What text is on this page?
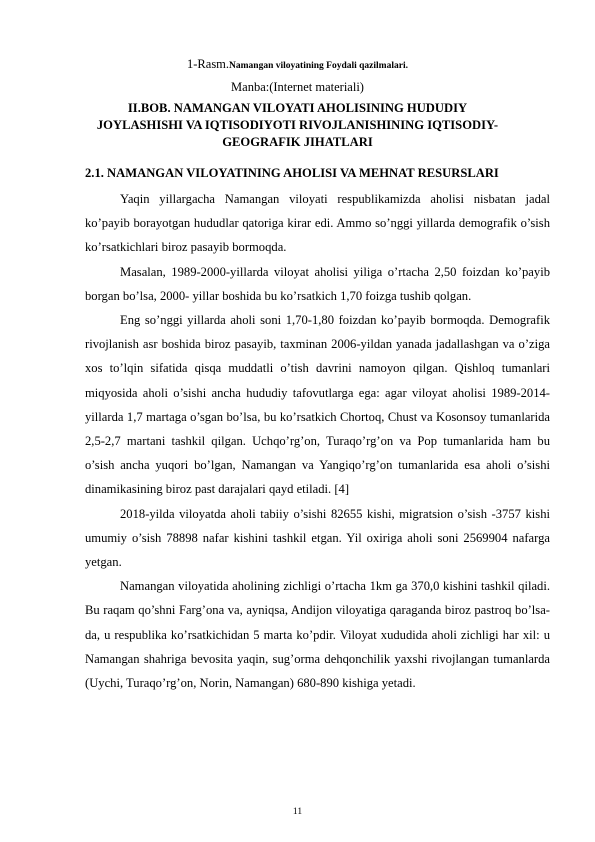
1-Rasm.Namangan viloyatining Foydali qazilmalari.
Manba:(Internet materiali)
II.BOB. NAMANGAN VILOYATI AHOLISINING HUDUDIY JOYLASHISHI VA IQTISODIYOTI RIVOJLANISHINING IQTISODIY-GEOGRAFIK JIHATLARI
2.1. NAMANGAN VILOYATINING AHOLISI VA MEHNAT RESURSLARI

Yaqin yillargacha Namangan viloyati respublikamizda aholisi nisbatan jadal ko’payib borayotgan hududlar qatoriga kirar edi. Ammo so’nggi yillarda demografik o’sish ko’rsatkichlari biroz pasayib bormoqda.

Masalan, 1989-2000-yillarda viloyat aholisi yiliga o’rtacha 2,50 foizdan ko’payib borgan bo’lsa, 2000- yillar boshida bu ko’rsatkich 1,70 foizga tushib qolgan.

Eng so’nggi yillarda aholi soni 1,70-1,80 foizdan ko’payib bormoqda. Demografik rivojlanish asr boshida biroz pasayib, taxminan 2006-yildan yanada jadallashgan va o’ziga xos to’lqin sifatida qisqa muddatli o’tish davrini namoyon qilgan. Qishloq tumanlari miqyosida aholi o’sishi ancha hududiy tafovutlarga ega: agar viloyat aholisi 1989-2014-yillarda 1,7 martaga o’sgan bo’lsa, bu ko’rsatkich Chortoq, Chust va Kosonsoy tumanlarida 2,5-2,7 martani tashkil qilgan. Uchqo’rg’on, Turaqo’rg’on va Pop tumanlarida ham bu o’sish ancha yuqori bo’lgan, Namangan va Yangiqo’rg’on tumanlarida esa aholi o’sishi dinamikasining biroz past darajalari qayd etiladi. [4]

2018-yilda viloyatda aholi tabiiy o’sishi 82655 kishi, migratsion o’sish -3757 kishi umumiy o’sish 78898 nafar kishini tashkil etgan. Yil oxiriga aholi soni 2569904 nafarga yetgan.

Namangan viloyatida aholining zichligi o’rtacha 1km ga 370,0 kishini tashkil qiladi. Bu raqam qo’shni Farg’ona va, ayniqsa, Andijon viloyatiga qaraganda biroz pastroq bo’lsa-da, u respublika ko’rsatkichidan 5 marta ko’pdir. Viloyat xududida aholi zichligi har xil: u Namangan shahriga bevosita yaqin, sug’orma dehqonchilik yaxshi rivojlangan tumanlarda (Uychi, Turaqo’rg’on, Norin, Namangan) 680-890 kishiga yetadi.

11
